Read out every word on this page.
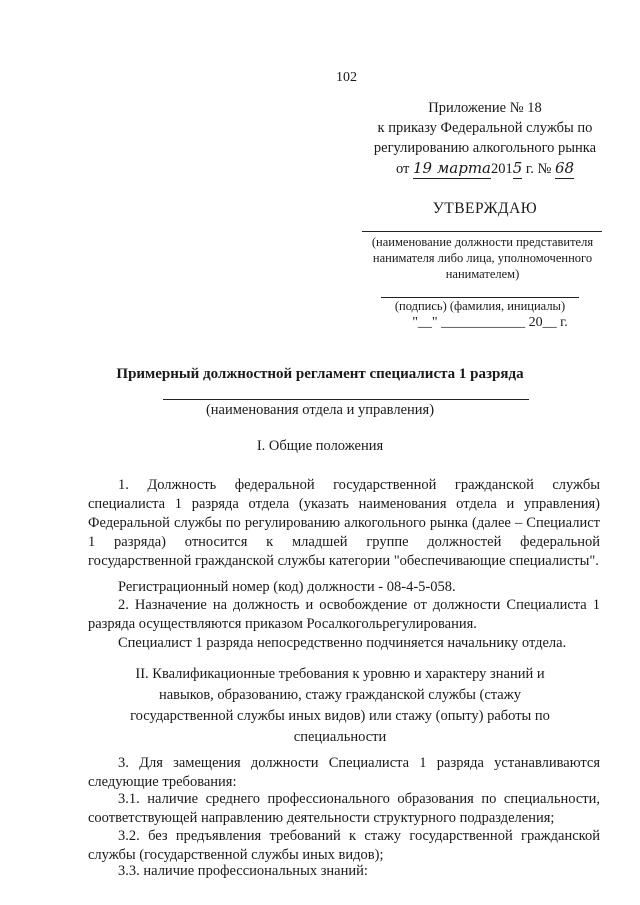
102
Приложение № 18
к приказу Федеральной службы по
регулированию алкогольного рынка
от 19 марта2015 г. № 68
УТВЕРЖДАЮ
(наименование должности представителя нанимателя либо лица, уполномоченного нанимателем)
(подпись) (фамилия, инициалы)
"__" ____________ 20__ г.
Примерный должностной регламент специалиста 1 разряда
(наименования отдела и управления)
I. Общие положения
1. Должность федеральной государственной гражданской службы специалиста 1 разряда отдела (указать наименования отдела и управления) Федеральной службы по регулированию алкогольного рынка (далее – Специалист 1 разряда) относится к младшей группе должностей федеральной государственной гражданской службы категории "обеспечивающие специалисты".
Регистрационный номер (код) должности - 08-4-5-058.
2. Назначение на должность и освобождение от должности Специалиста 1 разряда осуществляются приказом Росалкогольрегулирования.
Специалист 1 разряда непосредственно подчиняется начальнику отдела.
II. Квалификационные требования к уровню и характеру знаний и навыков, образованию, стажу гражданской службы (стажу государственной службы иных видов) или стажу (опыту) работы по специальности
3. Для замещения должности Специалиста 1 разряда устанавливаются следующие требования:
3.1. наличие среднего профессионального образования по специальности, соответствующей направлению деятельности структурного подразделения;
3.2. без предъявления требований к стажу государственной гражданской службы (государственной службы иных видов);
3.3. наличие профессиональных знаний:
